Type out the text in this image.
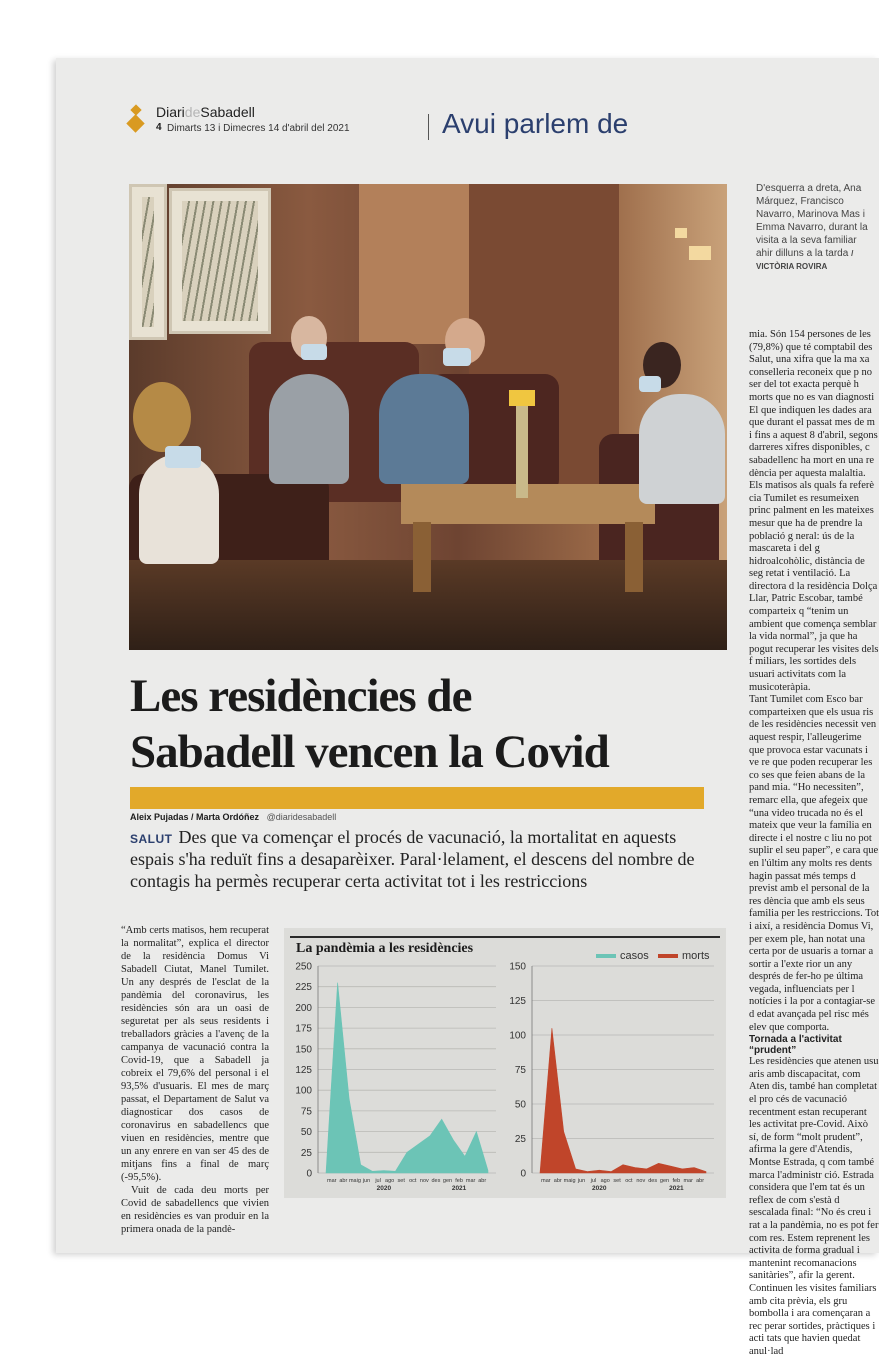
DiarideSabadell
4 Dimarts 13 i Dimecres 14 d'abril del 2021	Avui parlem de
D'esquerra a dreta, Ana Márquez, Francisco Navarro, Marinova Mas i Emma Navarro, durant la visita a la seva familiar ahir dilluns a la tarda / VICTÒRIA ROVIRA
Les residències de
Sabadell vencen la Covid
Aleix Pujadas / Marta Ordóñez @diaridesabadell
SALUT Des que va començar el procés de vacunació, la mortalitat en aquests espais s'ha reduït fins a desaparèixer. Paral·lelament, el descens del nombre de contagis ha permès recuperar certa activitat tot i les restriccions

“Amb certs matisos, hem recuperat la normalitat”, explica el director de la residència Domus Vi Sabadell Ciutat, Manel Tumilet. Un any després de l'esclat de la pandèmia del coronavirus, les residències són ara un oasi de seguretat per als seus residents i treballadors gràcies a l'avenç de la campanya de vacunació contra la Covid-19, que a Sabadell ja cobreix el 79,6% del personal i el 93,5% d'usuaris. El mes de març passat, el Departament de Salut va diagnosticar dos casos de coronavirus en sabadellencs que viuen en residències, mentre que un any enrere en van ser 45 des de mitjans fins a final de març (-95,5%).

Vuit de cada deu morts per Covid de sabadellencs que vivien en residències es van produir en la primera onada de la pandè-

mia. Són 154 persones de les (79,8%) que té comptabil des Salut, una xifra que la ma xa conselleria reconeix que p no ser del tot exacta perquè h morts que no es van diagnosti El que indiquen les dades ara que durant el passat mes de m i fins a aquest 8 d'abril, segons darreres xifres disponibles, c sabadellenc ha mort en una re dència per aquesta malaltia.
Els matisos als quals fa referè cia Tumilet es resumeixen princ palment en les mateixes mesur que ha de prendre la població g neral: ús de la mascareta i del g hidroalcohòlic, distància de seg retat i ventilació. La directora d la residència Dolça Llar, Patric Escobar, també comparteix q “tenim un ambient que comença semblar la vida normal”, ja que ha pogut recuperar les visites dels f miliars, les sortides dels usuari activitats com la musicoteràpia.
Tant Tumilet com Esco bar comparteixen que els usua ris de les residències necessit ven aquest respir, l'alleugerime que provoca estar vacunats i ve re que poden recuperar les co ses que feien abans de la pand mia. “Ho necessiten”, remarc ella, que afegeix que “una video trucada no és el mateix que veur la família en directe i el nostre c liu no pot suplir el seu paper”, e cara que en l'últim any molts res dents hagin passat més temps d previst amb el personal de la res dència que amb els seus familia per les restriccions. Tot i així, a residència Domus Vi, per exem ple, han notat una certa por de usuaris a tornar a sortir a l'exte rior un any després de fer-ho pe última vegada, influenciats per l notícies i la por a contagiar-se d edat avançada pel risc més elev que comporta.

Tornada a l'activitat “prudent”
Les residències que atenen usu aris amb discapacitat, com Aten dis, també han completat el pro cés de vacunació recentment estan recuperant les activitat pre-Covid. Això sí, de form “molt prudent”, afirma la gere d'Atendis, Montse Estrada, q com també marca l'administr ció. Estrada considera que l'em tat és un reflex de com s'està d sescalada final: “No és creu i rat a la pandèmia, no es pot fer com res. Estem reprenent les activita de forma gradual i mantenint recomanacions sanitàries”, afir la gerent. Continuen les visites familiars amb cita prèvia, els gru bombolla i ara començaran a rec perar sortides, pràctiques i acti tats que havien quedat anul·lad
La pandèmia a les residències	casos	morts
0
25
50
75
100
125
150
175
200
225
250
mar abr maig jun jul ago set oct nov des gen feb mar abr
2020	2021
0
25
50
75
100
125
150
mar abr maig jun jul ago set oct nov des gen feb mar abr
2020	2021
